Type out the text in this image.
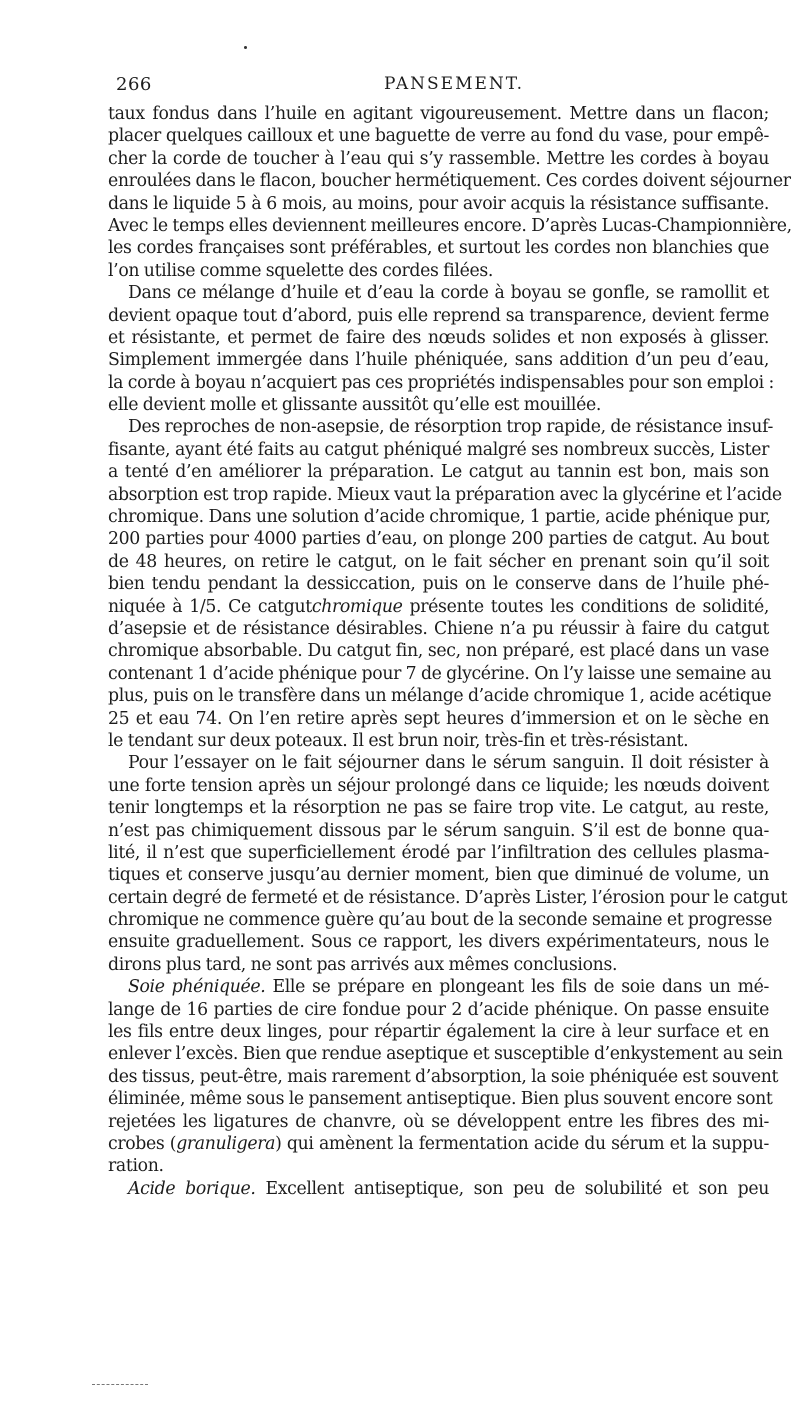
266	PANSEMENT.
taux fondus dans l’huile en agitant vigoureusement. Mettre dans un flacon;
placer quelques cailloux et une baguette de verre au fond du vase, pour empê-
cher la corde de toucher à l’eau qui s’y rassemble. Mettre les cordes à boyau
enroulées dans le flacon, boucher hermétiquement. Ces cordes doivent séjourner
dans le liquide 5 à 6 mois, au moins, pour avoir acquis la résistance suffisante.
Avec le temps elles deviennent meilleures encore. D’après Lucas-Championnière,
les cordes françaises sont préférables, et surtout les cordes non blanchies que
l’on utilise comme squelette des cordes filées.
Dans ce mélange d’huile et d’eau la corde à boyau se gonfle, se ramollit et
devient opaque tout d’abord, puis elle reprend sa transparence, devient ferme
et résistante, et permet de faire des nœuds solides et non exposés à glisser.
Simplement immergée dans l’huile phéniquée, sans addition d’un peu d’eau,
la corde à boyau n’acquiert pas ces propriétés indispensables pour son emploi :
elle devient molle et glissante aussitôt qu’elle est mouillée.
Des reproches de non-asepsie, de résorption trop rapide, de résistance insuf-
fisante, ayant été faits au catgut phéniqué malgré ses nombreux succès, Lister
a tenté d’en améliorer la préparation. Le catgut au tannin est bon, mais son
absorption est trop rapide. Mieux vaut la préparation avec la glycérine et l’acide
chromique. Dans une solution d’acide chromique, 1 partie, acide phénique pur,
200 parties pour 4000 parties d’eau, on plonge 200 parties de catgut. Au bout
de 48 heures, on retire le catgut, on le fait sécher en prenant soin qu’il soit
bien tendu pendant la dessiccation, puis on le conserve dans de l’huile phé-
niquée à 1/5. Ce catgutchromique présente toutes les conditions de solidité,
d’asepsie et de résistance désirables. Chiene n’a pu réussir à faire du catgut
chromique absorbable. Du catgut fin, sec, non préparé, est placé dans un vase
contenant 1 d’acide phénique pour 7 de glycérine. On l’y laisse une semaine au
plus, puis on le transfère dans un mélange d’acide chromique 1, acide acétique
25 et eau 74. On l’en retire après sept heures d’immersion et on le sèche en
le tendant sur deux poteaux. Il est brun noir, très-fin et très-résistant.
Pour l’essayer on le fait séjourner dans le sérum sanguin. Il doit résister à
une forte tension après un séjour prolongé dans ce liquide; les nœuds doivent
tenir longtemps et la résorption ne pas se faire trop vite. Le catgut, au reste,
n’est pas chimiquement dissous par le sérum sanguin. S’il est de bonne qua-
lité, il n’est que superficiellement érodé par l’infiltration des cellules plasma-
tiques et conserve jusqu’au dernier moment, bien que diminué de volume, un
certain degré de fermeté et de résistance. D’après Lister, l’érosion pour le catgut
chromique ne commence guère qu’au bout de la seconde semaine et progresse
ensuite graduellement. Sous ce rapport, les divers expérimentateurs, nous le
dirons plus tard, ne sont pas arrivés aux mêmes conclusions.
Soie phéniquée. Elle se prépare en plongeant les fils de soie dans un mé-
lange de 16 parties de cire fondue pour 2 d’acide phénique. On passe ensuite
les fils entre deux linges, pour répartir également la cire à leur surface et en
enlever l’excès. Bien que rendue aseptique et susceptible d’enkystement au sein
des tissus, peut-être, mais rarement d’absorption, la soie phéniquée est souvent
éliminée, même sous le pansement antiseptique. Bien plus souvent encore sont
rejetées les ligatures de chanvre, où se développent entre les fibres des mi-
crobes (granuligera) qui amènent la fermentation acide du sérum et la suppu-
ration.
Acide borique. Excellent antiseptique, son peu de solubilité et son peu
